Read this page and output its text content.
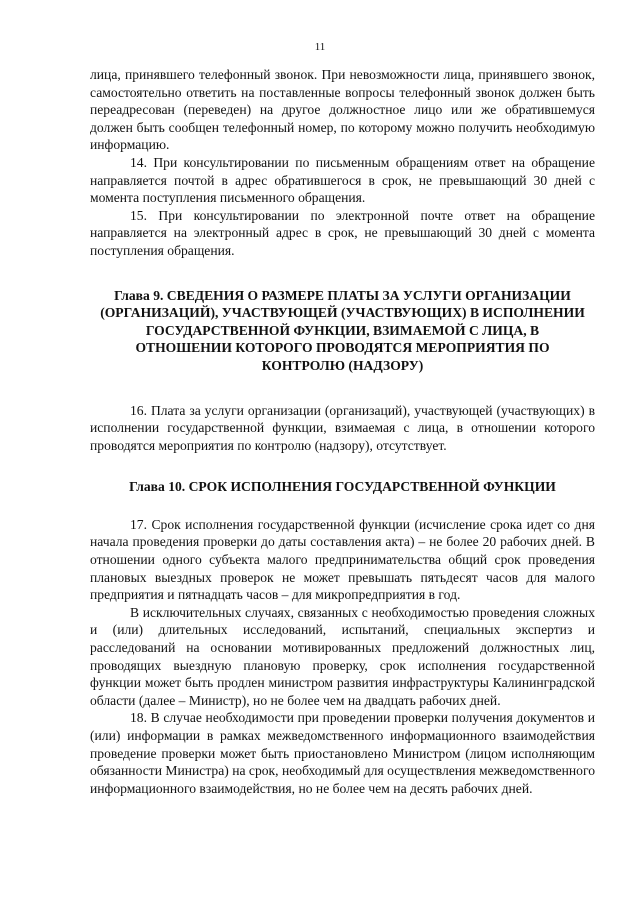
11

лица, принявшего телефонный звонок. При невозможности лица, принявшего звонок, самостоятельно ответить на поставленные вопросы телефонный звонок должен быть переадресован (переведен) на другое должностное лицо или же обратившемуся должен быть сообщен телефонный номер, по которому можно получить необходимую информацию.

14. При консультировании по письменным обращениям ответ на обращение направляется почтой в адрес обратившегося в срок, не превышающий 30 дней с момента поступления письменного обращения.

15. При консультировании по электронной почте ответ на обращение направляется на электронный адрес в срок, не превышающий 30 дней с момента поступления обращения.

Глава 9. СВЕДЕНИЯ О РАЗМЕРЕ ПЛАТЫ ЗА УСЛУГИ ОРГАНИЗАЦИИ (ОРГАНИЗАЦИЙ), УЧАСТВУЮЩЕЙ (УЧАСТВУЮЩИХ) В ИСПОЛНЕНИИ ГОСУДАРСТВЕННОЙ ФУНКЦИИ, ВЗИМАЕМОЙ С ЛИЦА, В ОТНОШЕНИИ КОТОРОГО ПРОВОДЯТСЯ МЕРОПРИЯТИЯ ПО КОНТРОЛЮ (НАДЗОРУ)

16. Плата за услуги организации (организаций), участвующей (участвующих) в исполнении государственной функции, взимаемая с лица, в отношении которого проводятся мероприятия по контролю (надзору), отсутствует.

Глава 10. СРОК ИСПОЛНЕНИЯ ГОСУДАРСТВЕННОЙ ФУНКЦИИ

17. Срок исполнения государственной функции (исчисление срока идет со дня начала проведения проверки до даты составления акта) – не более 20 рабочих дней. В отношении одного субъекта малого предпринимательства общий срок проведения плановых выездных проверок не может превышать пятьдесят часов для малого предприятия и пятнадцать часов – для микропредприятия в год.

В исключительных случаях, связанных с необходимостью проведения сложных и (или) длительных исследований, испытаний, специальных экспертиз и расследований на основании мотивированных предложений должностных лиц, проводящих выездную плановую проверку, срок исполнения государственной функции может быть продлен министром развития инфраструктуры Калининградской области (далее – Министр), но не более чем на двадцать рабочих дней.

18. В случае необходимости при проведении проверки получения документов и (или) информации в рамках межведомственного информационного взаимодействия проведение проверки может быть приостановлено Министром (лицом исполняющим обязанности Министра) на срок, необходимый для осуществления межведомственного информационного взаимодействия, но не более чем на десять рабочих дней.
